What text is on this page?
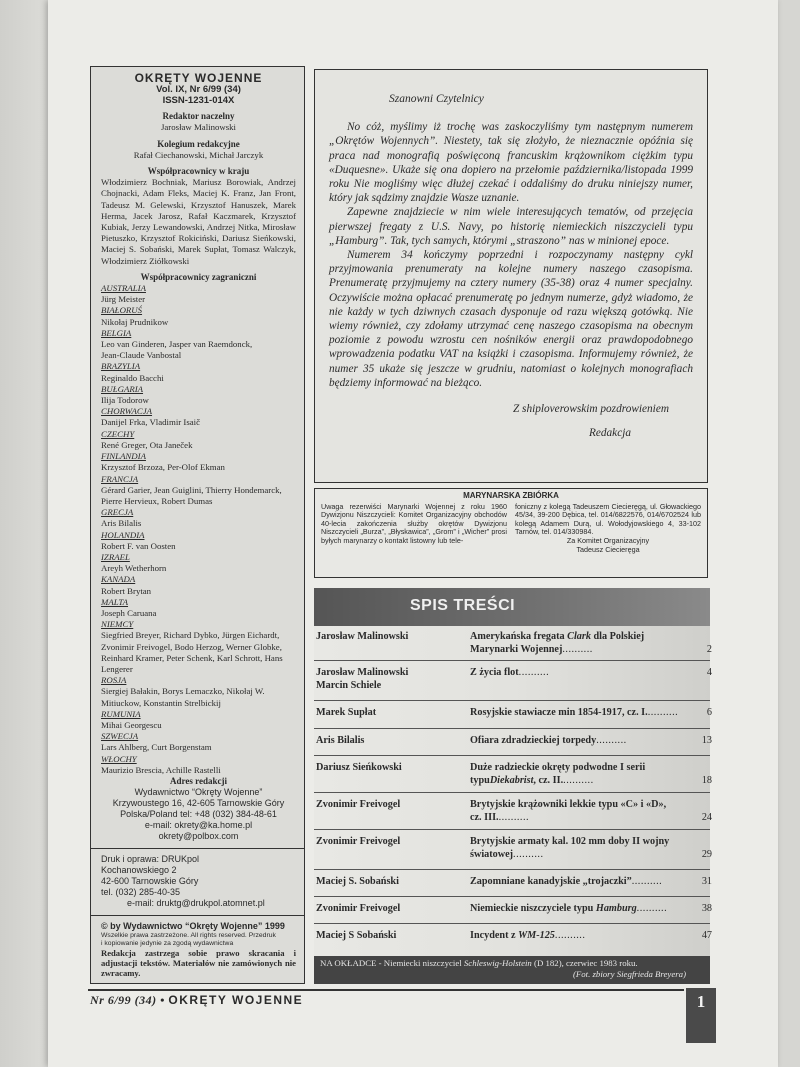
OKRĘTY WOJENNE
Vol. IX, Nr 6/99 (34)
ISSN-1231-014X
Redaktor naczelny
Jarosław Malinowski
Kolegium redakcyjne
Rafał Ciechanowski, Michał Jarczyk
Współpracownicy w kraju
Włodzimierz Bochniak, Mariusz Borowiak, Andrzej Chojnacki, Adam Fleks, Maciej K. Franz, Jan Front, Tadeusz M. Gelewski, Krzysztof Hanuszek, Marek Herma, Jacek Jarosz, Rafał Kaczmarek, Krzysztof Kubiak, Jerzy Lewandowski, Andrzej Nitka, Mirosław Pietuszko, Krzysztof Rokiciński, Dariusz Sieńkowski, Maciej S. Sobański, Marek Supłat, Tomasz Walczyk, Włodzimierz Ziółkowski
Współpracownicy zagraniczni
AUSTRALIA
Jürg Meister
BIAŁORUŚ
Nikołaj Prudnikow
BELGIA
Leo van Ginderen, Jasper van Raemdonck,
Jean-Claude Vanbostal
BRAZYLIA
Reginaldo Bacchi
BUŁGARIA
Ilija Todorow
CHORWACJA
Danijel Frka, Vladimir Isaič
CZECHY
René Greger, Ota Janeček
FINLANDIA
Krzysztof Brzoza, Per-Olof Ekman
FRANCJA
Gérard Garier, Jean Guiglini, Thierry Hondemarck,
Pierre Hervieux, Robert Dumas
GRECJA
Aris Bilalis
HOLANDIA
Robert F. van Oosten
IZRAEL
Areyh Wetherhorn
KANADA
Robert Brytan
MALTA
Joseph Caruana
NIEMCY
Siegfried Breyer, Richard Dybko, Jürgen Eichardt, Zvonimir Freivogel, Bodo Herzog, Werner Globke, Reinhard Kramer, Peter Schenk, Karl Schrott, Hans Lengerer
ROSJA
Siergiej Bałakin, Borys Lemaczko, Nikołaj W. Mitiuckow, Konstantin Strelbickij
RUMUNIA
Mihai Georgescu
SZWECJA
Lars Ahlberg, Curt Borgenstam
WŁOCHY
Maurizio Brescia, Achille Rastelli
Adres redakcji
Wydawnictwo “Okręty Wojenne”
Krzywoustego 16, 42-605 Tarnowskie Góry
Polska/Poland tel: +48 (032) 384-48-61
e-mail: okrety@ka.home.pl
okrety@polbox.com
Druk i oprawa: DRUKpol
Kochanowskiego 2
42-600 Tarnowskie Góry
tel. (032) 285-40-35
e-mail: druktg@drukpol.atomnet.pl
© by Wydawnictwo “Okręty Wojenne” 1999
Wszelkie prawa zastrzeżone. All rights reserved. Przedruk
i kopiowanie jedynie za zgodą wydawnictwa
Redakcja zastrzega sobie prawo skracania i adjustacji tekstów. Materiałów nie zamówionych nie zwracamy.
Szanowni Czytelnicy

No cóż, myślimy iż trochę was zaskoczyliśmy tym następnym numerem „Okrętów Wojennych”. Niestety, tak się złożyło, że nieznacznie opóźnia się praca nad monografią poświęconą francuskim krążownikom ciężkim typu «Duquesne». Ukaże się ona dopiero na przełomie października/listopada 1999 roku Nie mogliśmy więc dłużej czekać i oddaliśmy do druku niniejszy numer, który jak sądzimy znajdzie Wasze uznanie.

Zapewne znajdziecie w nim wiele interesujących tematów, od przejęcia pierwszej fregaty z U.S. Navy, po historię niemieckich niszczycieli typu „Hamburg”. Tak, tych samych, którymi „straszono” nas w minionej epoce.

Numerem 34 kończymy poprzedni i rozpoczynamy następny cykl przyjmowania prenumeraty na kolejne numery naszego czasopisma. Prenumeratę przyjmujemy na cztery numery (35-38) oraz 4 numer specjalny. Oczywiście można opłacać prenumeratę po jednym numerze, gdyż wiadomo, że nie każdy w tych dziwnych czasach dysponuje od razu większą gotówką. Nie wiemy również, czy zdołamy utrzymać cenę naszego czasopisma na obecnym poziomie z powodu wzrostu cen nośników energii oraz prawdopodobnego wprowadzenia podatku VAT na książki i czasopisma. Informujemy również, że numer 35 ukaże się jeszcze w grudniu, natomiast o kolejnych monografiach będziemy informować na bieżąco.

Z shiploverowskim pozdrowieniem
Redakcja
MARYNARSKA ZBIÓRKA
Uwaga rezerwiści Marynarki Wojennej z roku 1960 Dywizjonu Niszczycieli: Komitet Organizacyjny obchodów 40-lecia zakończenia służby okrętów Dywizjonu Niszczycieli „Burza”, „Błyskawica”, „Grom” i „Wicher” prosi byłych marynarzy o kontakt listowny lub tele-
foniczny z kolegą Tadeuszem Ciecieręgą, ul. Głowackiego 45/34, 39-200 Dębica, tel. 014/6822576, 014/6702524 lub kolegą Adamem Durą, ul. Wołodyjowskiego 4, 33-102 Tarnów, tel. 014/330984.
Za Komitet Organizacyjny
Tadeusz Ciecieręga
SPIS TREŚCI
Jarosław Malinowski	Amerykańska fregata Clark dla Polskiej
Marynarki Wojennej..........	2
Jarosław Malinowski
Marcin Schiele
Z życia flot..........	4
Marek Supłat	Rosyjskie stawiacze min 1854-1917, cz. I...........	6
Aris Bilalis	Ofiara zdradzieckiej torpedy..........	13
Dariusz Sieńkowski	Duże radzieckie okręty podwodne I serii typuDiekabrist, cz. II...........	18
Zvonimir Freivogel	Brytyjskie krążowniki lekkie typu «C» i «D»,
cz. III...........	24
Zvonimir Freivogel	Brytyjskie armaty kal. 102 mm doby II wojny
światowej..........	29
Maciej S. Sobański	Zapomniane kanadyjskie „trojaczki”..........	31
Zvonimir Freivogel	Niemieckie niszczyciele typu Hamburg..........	38
Maciej S Sobański	Incydent z WM-125..........	47
NA OKŁADCE - Niemiecki niszczyciel Schleswig-Holstein (D 182), czerwiec 1983 roku.
(Fot. zbiory Siegfrieda Breyera)
Nr 6/99 (34) • OKRĘTY WOJENNE	1
